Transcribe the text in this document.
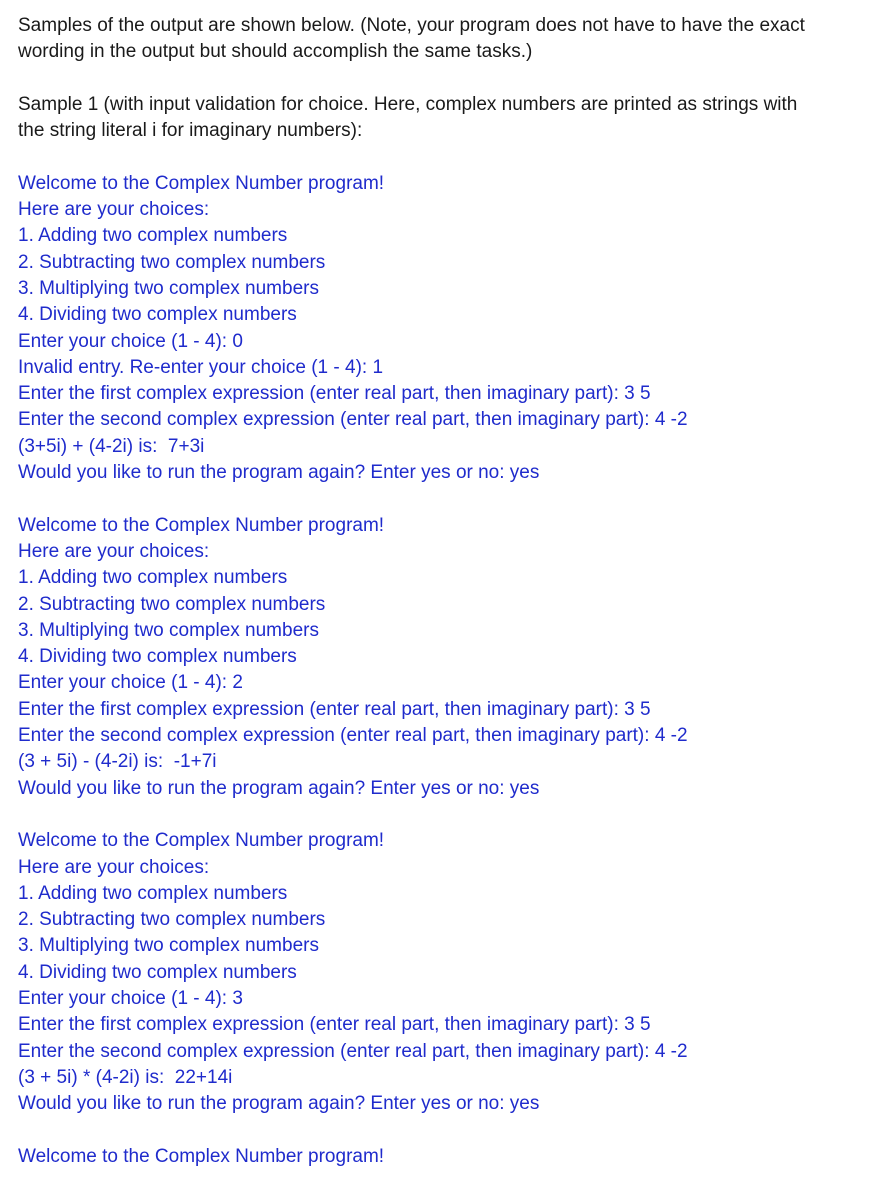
Samples of the output are shown below. (Note, your program does not have to have the exact
wording in the output but should accomplish the same tasks.)
Sample 1 (with input validation for choice. Here, complex numbers are printed as strings with
the string literal i for imaginary numbers):
Welcome to the Complex Number program!
Here are your choices:
1. Adding two complex numbers
2. Subtracting two complex numbers
3. Multiplying two complex numbers
4. Dividing two complex numbers
Enter your choice (1 - 4): 0
Invalid entry. Re-enter your choice (1 - 4): 1
Enter the first complex expression (enter real part, then imaginary part): 3 5
Enter the second complex expression (enter real part, then imaginary part): 4 -2
(3+5i) + (4-2i) is:  7+3i
Would you like to run the program again? Enter yes or no: yes
Welcome to the Complex Number program!
Here are your choices:
1. Adding two complex numbers
2. Subtracting two complex numbers
3. Multiplying two complex numbers
4. Dividing two complex numbers
Enter your choice (1 - 4): 2
Enter the first complex expression (enter real part, then imaginary part): 3 5
Enter the second complex expression (enter real part, then imaginary part): 4 -2
(3 + 5i) - (4-2i) is:  -1+7i
Would you like to run the program again? Enter yes or no: yes
Welcome to the Complex Number program!
Here are your choices:
1. Adding two complex numbers
2. Subtracting two complex numbers
3. Multiplying two complex numbers
4. Dividing two complex numbers
Enter your choice (1 - 4): 3
Enter the first complex expression (enter real part, then imaginary part): 3 5
Enter the second complex expression (enter real part, then imaginary part): 4 -2
(3 + 5i) * (4-2i) is:  22+14i
Would you like to run the program again? Enter yes or no: yes
Welcome to the Complex Number program!
